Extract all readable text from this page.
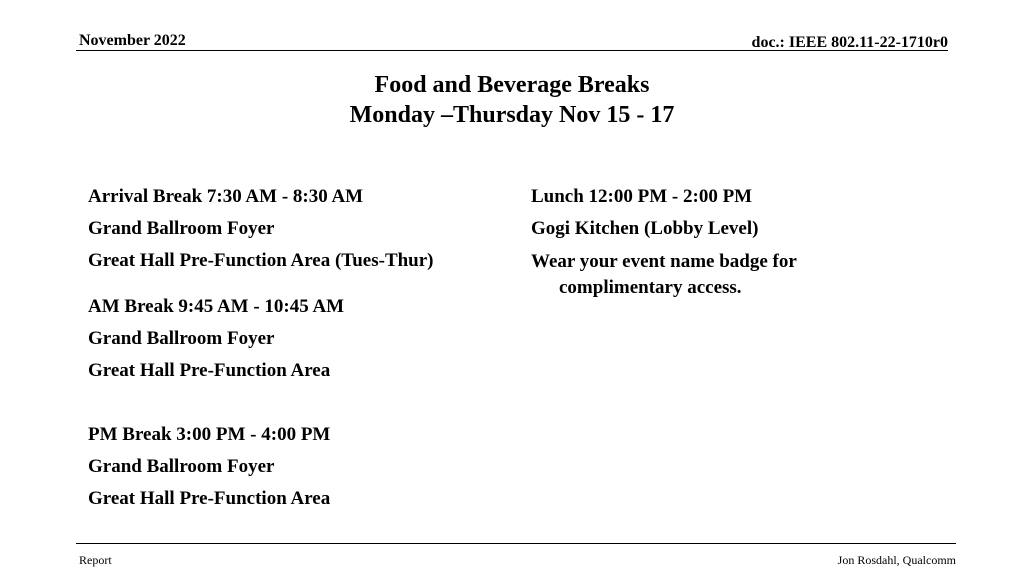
November 2022	doc.: IEEE 802.11-22-1710r0
Food and Beverage Breaks
Monday –Thursday Nov 15 - 17
Arrival Break 7:30 AM - 8:30 AM
Grand Ballroom Foyer
Great Hall Pre-Function Area (Tues-Thur)
AM Break 9:45 AM - 10:45 AM
Grand Ballroom Foyer
Great Hall Pre-Function Area
PM Break 3:00 PM - 4:00 PM
Grand Ballroom Foyer
Great Hall Pre-Function Area
Lunch 12:00 PM - 2:00 PM
Gogi Kitchen (Lobby Level)
Wear your event name badge for complimentary access.
Report	Jon Rosdahl, Qualcomm
